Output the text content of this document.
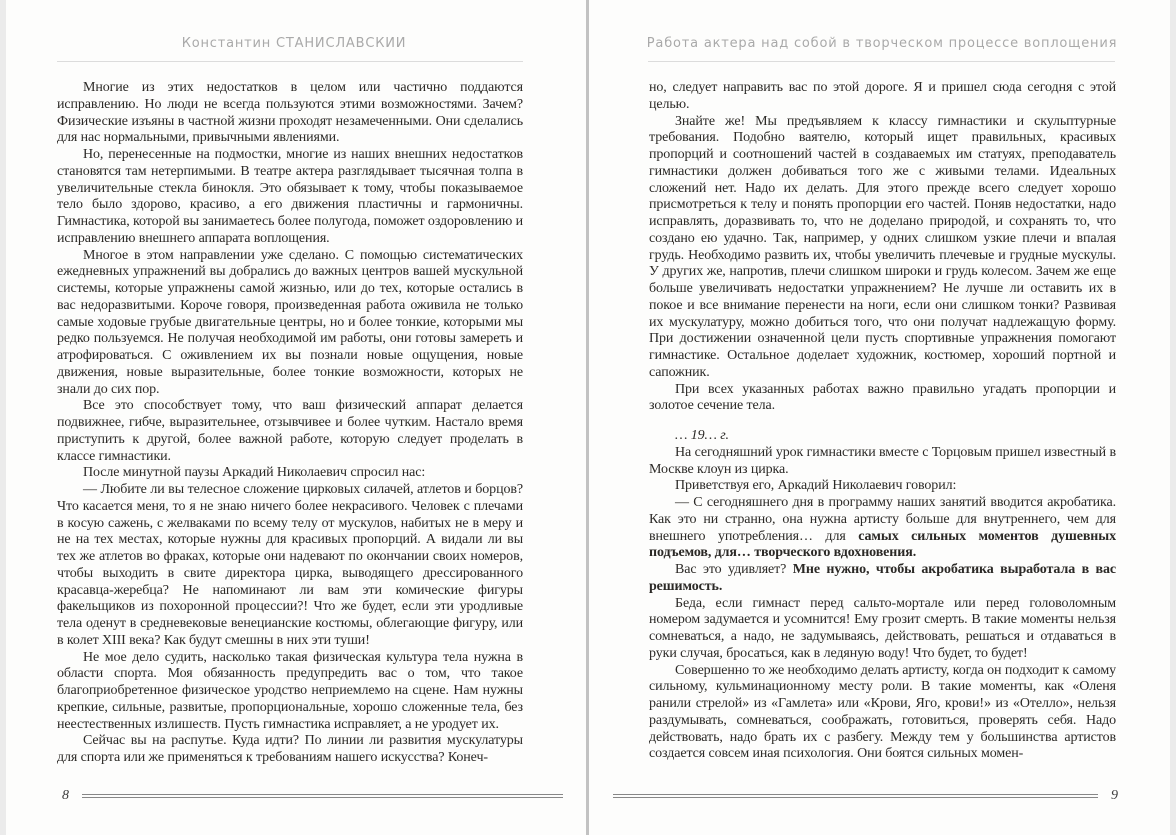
Константин СТАНИСЛАВСКИЙ

Многие из этих недостатков в целом или частично поддаются исправлению. Но люди не всегда пользуются этими возможностями. Зачем? Физические изъяны в частной жизни проходят незамеченными. Они сделались для нас нормальными, привычными явлениями.

Но, перенесенные на подмостки, многие из наших внешних недостатков становятся там нетерпимыми. В театре актера разглядывает тысячная толпа в увеличительные стекла бинокля. Это обязывает к тому, чтобы показываемое тело было здорово, красиво, а его движения пластичны и гармоничны. Гимнастика, которой вы занимаетесь более полугода, поможет оздоровлению и исправлению внешнего аппарата воплощения.

Многое в этом направлении уже сделано. С помощью систематических ежедневных упражнений вы добрались до важных центров вашей мускульной системы, которые упражнены самой жизнью, или до тех, которые остались в вас недоразвитыми. Короче говоря, произведенная работа оживила не только самые ходовые грубые двигательные центры, но и более тонкие, которыми мы редко пользуемся. Не получая необходимой им работы, они готовы замереть и атрофироваться. С оживлением их вы познали новые ощущения, новые движения, новые выразительные, более тонкие возможности, которых не знали до сих пор.

Все это способствует тому, что ваш физический аппарат делается подвижнее, гибче, выразительнее, отзывчивее и более чутким. Настало время приступить к другой, более важной работе, которую следует проделать в классе гимнастики.

После минутной паузы Аркадий Николаевич спросил нас:

— Любите ли вы телесное сложение цирковых силачей, атлетов и борцов? Что касается меня, то я не знаю ничего более некрасивого. Человек с плечами в косую сажень, с желваками по всему телу от мускулов, набитых не в меру и не на тех местах, которые нужны для красивых пропорций. А видали ли вы тех же атлетов во фраках, которые они надевают по окончании своих номеров, чтобы выходить в свите директора цирка, выводящего дрессированного красавца-жеребца? Не напоминают ли вам эти комические фигуры факельщиков из похоронной процессии?! Что же будет, если эти уродливые тела оденут в средневековые венецианские костюмы, облегающие фигуру, или в колет XIII века? Как будут смешны в них эти туши!

Не мое дело судить, насколько такая физическая культура тела нужна в области спорта. Моя обязанность предупредить вас о том, что такое благоприобретенное физическое уродство неприемлемо на сцене. Нам нужны крепкие, сильные, развитые, пропорциональные, хорошо сложенные тела, без неестественных излишеств. Пусть гимнастика исправляет, а не уродует их.

Сейчас вы на распутье. Куда идти? По линии ли развития мускулатуры для спорта или же применяться к требованиям нашего искусства? Конеч-

8
Работа актера над собой в творческом процессе воплощения

но, следует направить вас по этой дороге. Я и пришел сюда сегодня с этой целью.

Знайте же! Мы предъявляем к классу гимнастики и скульптурные требования. Подобно ваятелю, который ищет правильных, красивых пропорций и соотношений частей в создаваемых им статуях, преподаватель гимнастики должен добиваться того же с живыми телами. Идеальных сложений нет. Надо их делать. Для этого прежде всего следует хорошо присмотреться к телу и понять пропорции его частей. Поняв недостатки, надо исправлять, доразвивать то, что не доделано природой, и сохранять то, что создано ею удачно. Так, например, у одних слишком узкие плечи и впалая грудь. Необходимо развить их, чтобы увеличить плечевые и грудные мускулы. У других же, напротив, плечи слишком широки и грудь колесом. Зачем же еще больше увеличивать недостатки упражнением? Не лучше ли оставить их в покое и все внимание перенести на ноги, если они слишком тонки? Развивая их мускулатуру, можно добиться того, что они получат надлежащую форму. При достижении означенной цели пусть спортивные упражнения помогают гимнастике. Остальное доделает художник, костюмер, хороший портной и сапожник.

При всех указанных работах важно правильно угадать пропорции и золотое сечение тела.

… 19… г.

На сегодняшний урок гимнастики вместе с Торцовым пришел известный в Москве клоун из цирка.

Приветствуя его, Аркадий Николаевич говорил:

— С сегодняшнего дня в программу наших занятий вводится акробатика. Как это ни странно, она нужна артисту больше для внутреннего, чем для внешнего употребления… для самых сильных моментов душевных подъемов, для… творческого вдохновения.

Вас это удивляет? Мне нужно, чтобы акробатика выработала в вас решимость.

Беда, если гимнаст перед сальто-мортале или перед головоломным номером задумается и усомнится! Ему грозит смерть. В такие моменты нельзя сомневаться, а надо, не задумываясь, действовать, решаться и отдаваться в руки случая, бросаться, как в ледяную воду! Что будет, то будет!

Совершенно то же необходимо делать артисту, когда он подходит к самому сильному, кульминационному месту роли. В такие моменты, как «Оленя ранили стрелой» из «Гамлета» или «Крови, Яго, крови!» из «Отелло», нельзя раздумывать, сомневаться, соображать, готовиться, проверять себя. Надо действовать, надо брать их с разбегу. Между тем у большинства артистов создается совсем иная психология. Они боятся сильных момен-

9
